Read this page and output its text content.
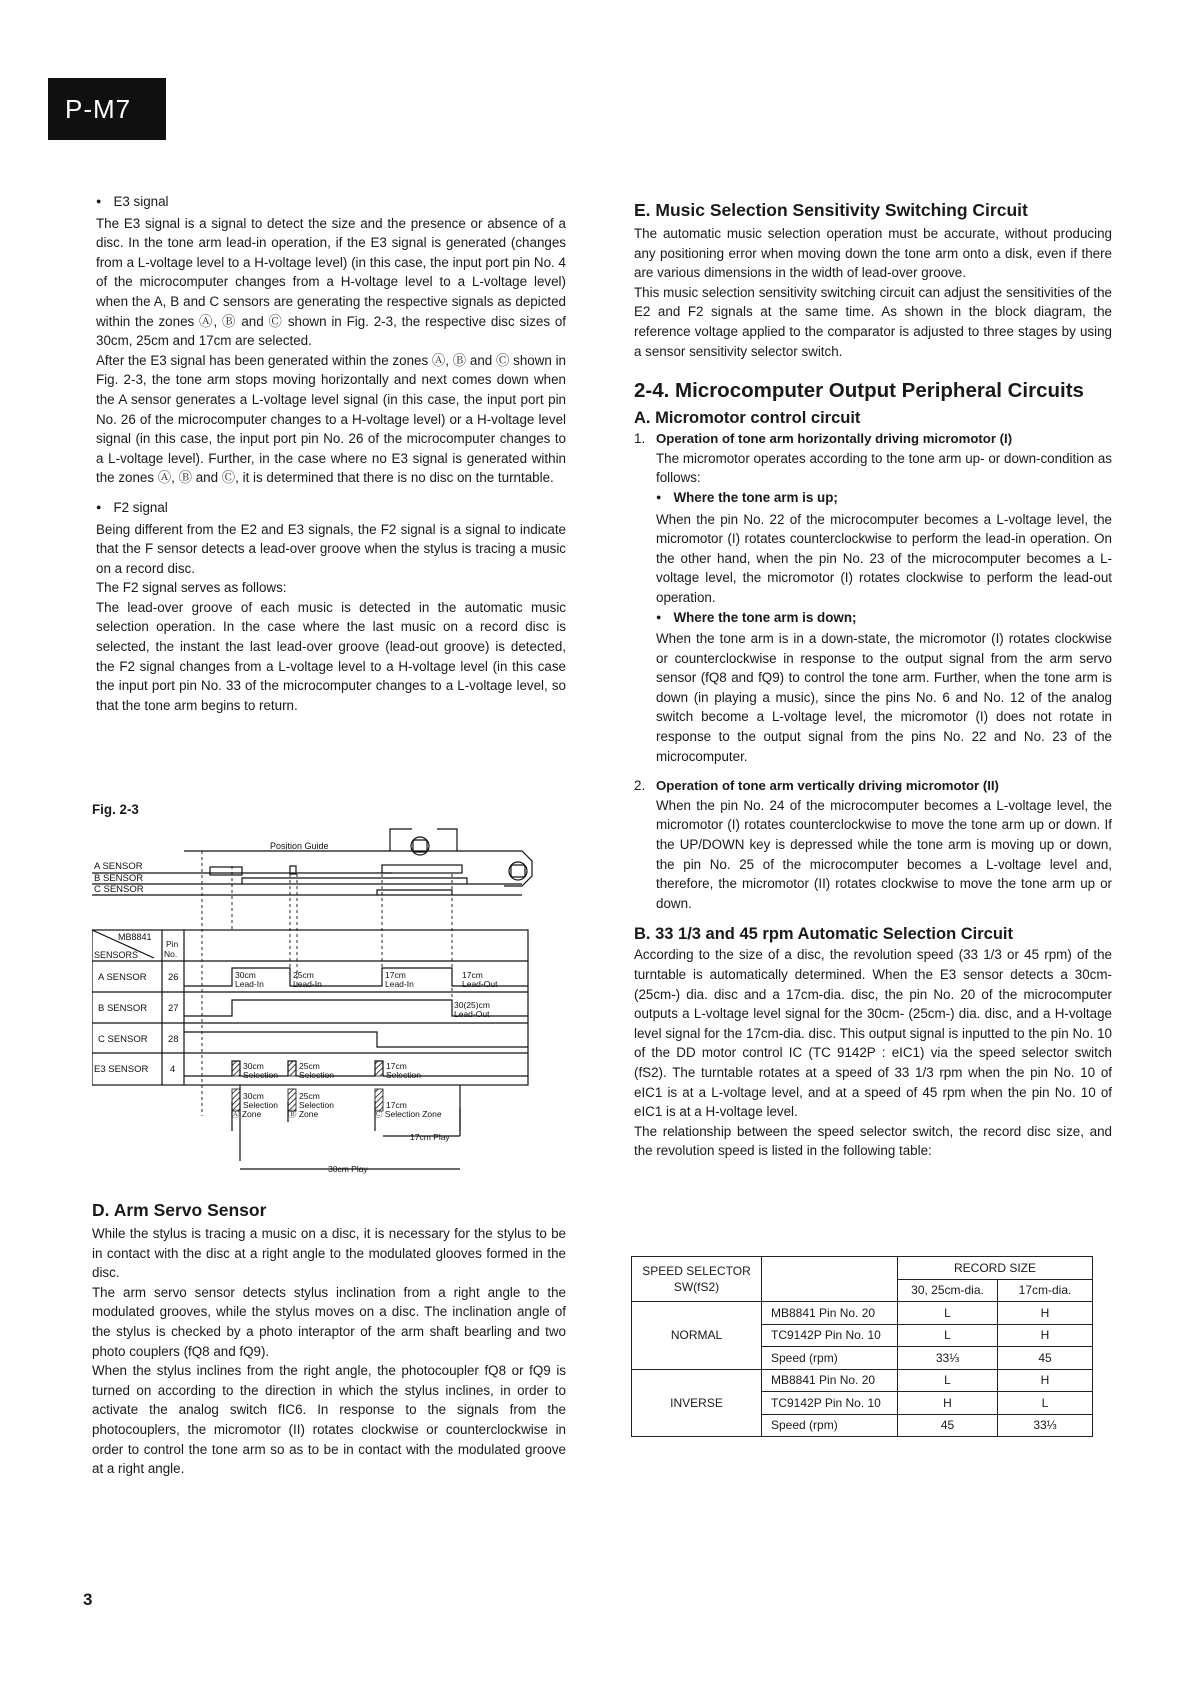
P-M7

● E3 signal

The E3 signal is a signal to detect the size and the presence or absence of a disc. In the tone arm lead-in operation, if the E3 signal is generated (changes from a L-voltage level to a H-voltage level) (in this case, the input port pin No. 4 of the microcomputer changes from a H-voltage level to a L-voltage level) when the A, B and C sensors are generating the respective signals as depicted within the zones Ⓐ, Ⓑ and Ⓒ shown in Fig. 2-3, the respective disc sizes of 30cm, 25cm and 17cm are selected.

After the E3 signal has been generated within the zones Ⓐ, Ⓑ and Ⓒ shown in Fig. 2-3, the tone arm stops moving horizontally and next comes down when the A sensor generates a L-voltage level signal (in this case, the input port pin No. 26 of the microcomputer changes to a H-voltage level) or a H-voltage level signal (in this case, the input port pin No. 26 of the microcomputer changes to a L-voltage level). Further, in the case where no E3 signal is generated within the zones Ⓐ, Ⓑ and Ⓒ, it is determined that there is no disc on the turntable.

● F2 signal

Being different from the E2 and E3 signals, the F2 signal is a signal to indicate that the F sensor detects a lead-over groove when the stylus is tracing a music on a record disc.

The F2 signal serves as follows:

The lead-over groove of each music is detected in the automatic music selection operation. In the case where the last music on a record disc is selected, the instant the last lead-over groove (lead-out groove) is detected, the F2 signal changes from a L-voltage level to a H-voltage level (in this case the input port pin No. 33 of the microcomputer changes to a L-voltage level, so that the tone arm begins to return.

Fig. 2-3
Position Guide
A SENSOR
B SENSOR
C SENSOR
MB8841
Pin
No.
SENSORS
A SENSOR 26
B SENSOR 27
C SENSOR 28
E3 SENSOR 4
30cm
Lead-In
25cm
Lead-In
17cm
Lead-In
17cm
Lead-Out
30(25)cm
Lead-Out
30cm
Selection
25cm
Selection
17cm
Selection
30cm
Selection
Ⓐ Zone
25cm
Selection
Ⓑ Zone
17cm
Ⓒ Selection Zone
17cm Play
30cm Play
D. Arm Servo Sensor

While the stylus is tracing a music on a disc, it is necessary for the stylus to be in contact with the disc at a right angle to the modulated glooves formed in the disc.

The arm servo sensor detects stylus inclination from a right angle to the modulated grooves, while the stylus moves on a disc. The inclination angle of the stylus is checked by a photo interaptor of the arm shaft bearling and two photo couplers (fQ8 and fQ9).

When the stylus inclines from the right angle, the photocoupler fQ8 or fQ9 is turned on according to the direction in which the stylus inclines, in order to activate the analog switch fIC6. In response to the signals from the photocouplers, the micromotor (II) rotates clockwise or counterclockwise in order to control the tone arm so as to be in contact with the modulated groove at a right angle.

E. Music Selection Sensitivity Switching Circuit

The automatic music selection operation must be accurate, without producing any positioning error when moving down the tone arm onto a disk, even if there are various dimensions in the width of lead-over groove.

This music selection sensitivity switching circuit can adjust the sensitivities of the E2 and F2 signals at the same time. As shown in the block diagram, the reference voltage applied to the comparator is adjusted to three stages by using a sensor sensitivity selector switch.

2-4. Microcomputer Output Peripheral Circuits
A. Micromotor control circuit
1. Operation of tone arm horizontally driving micromotor (I)

The micromotor operates according to the tone arm up- or down-condition as follows:

● Where the tone arm is up;

When the pin No. 22 of the microcomputer becomes a L-voltage level, the micromotor (I) rotates counterclockwise to perform the lead-in operation. On the other hand, when the pin No. 23 of the microcomputer becomes a L-voltage level, the micromotor (I) rotates clockwise to perform the lead-out operation.

● Where the tone arm is down;

When the tone arm is in a down-state, the micromotor (I) rotates clockwise or counterclockwise in response to the output signal from the arm servo sensor (fQ8 and fQ9) to control the tone arm. Further, when the tone arm is down (in playing a music), since the pins No. 6 and No. 12 of the analog switch become a L-voltage level, the micromotor (I) does not rotate in response to the output signal from the pins No. 22 and No. 23 of the microcomputer.

2. Operation of tone arm vertically driving micromotor (II)

When the pin No. 24 of the microcomputer becomes a L-voltage level, the micromotor (I) rotates counterclockwise to move the tone arm up or down. If the UP/DOWN key is depressed while the tone arm is moving up or down, the pin No. 25 of the microcomputer becomes a L-voltage level and, therefore, the micromotor (II) rotates clockwise to move the tone arm up or down.

B. 33 1/3 and 45 rpm Automatic Selection Circuit

According to the size of a disc, the revolution speed (33 1/3 or 45 rpm) of the turntable is automatically determined. When the E3 sensor detects a 30cm- (25cm-) dia. disc and a 17cm-dia. disc, the pin No. 20 of the microcomputer outputs a L-voltage level signal for the 30cm- (25cm-) dia. disc, and a H-voltage level signal for the 17cm-dia. disc. This output signal is inputted to the pin No. 10 of the DD motor control IC (TC 9142P : eIC1) via the speed selector switch (fS2). The turntable rotates at a speed of 33 1/3 rpm when the pin No. 10 of eIC1 is at a L-voltage level, and at a speed of 45 rpm when the pin No. 10 of eIC1 is at a H-voltage level.

The relationship between the speed selector switch, the record disc size, and the revolution speed is listed in the following table:

SPEED SELECTOR
SW(fS2)		RECORD SIZE	
		30, 25cm-dia.	17cm-dia.
NORMAL	MB8841 Pin No. 20	L	H
	TC9142P Pin No. 10	L	H
	Speed (rpm)	33⅓	45
INVERSE	MB8841 Pin No. 20	L	H
	TC9142P Pin No. 10	H	L
	Speed (rpm)	45	33⅓
3
